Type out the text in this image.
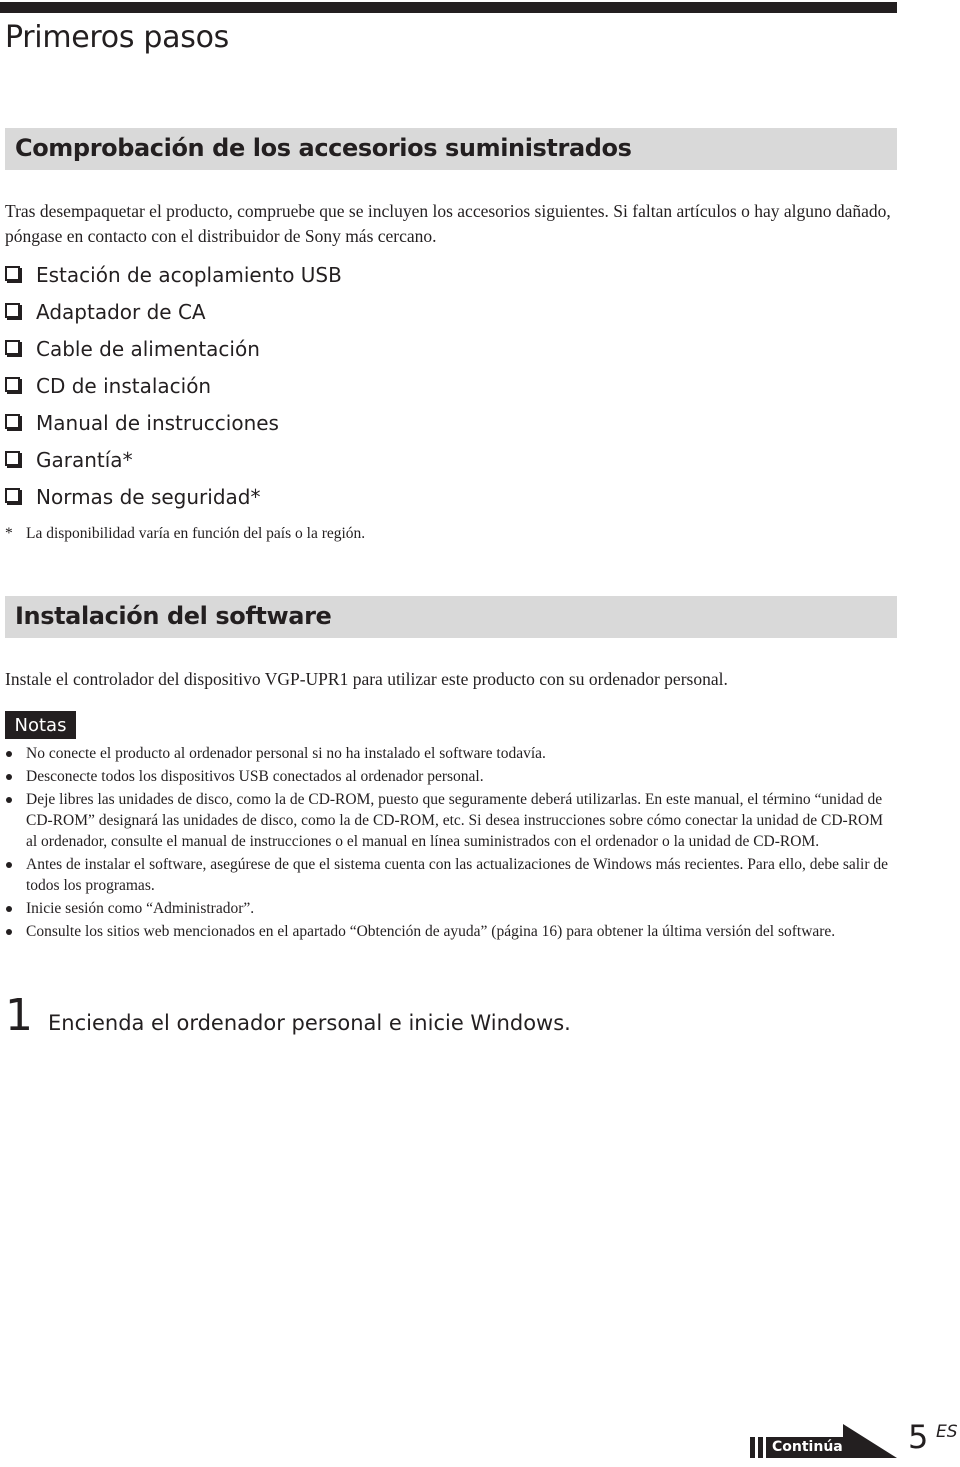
Primeros pasos
Comprobación de los accesorios suministrados

Tras desempaquetar el producto, compruebe que se incluyen los accesorios siguientes. Si faltan artículos o hay alguno dañado, póngase en contacto con el distribuidor de Sony más cercano.

Estación de acoplamiento USB
Adaptador de CA
Cable de alimentación
CD de instalación
Manual de instrucciones
Garantía*
Normas de seguridad*
* La disponibilidad varía en función del país o la región.
Instalación del software

Instale el controlador del dispositivo VGP-UPR1 para utilizar este producto con su ordenador personal.

Notas
No conecte el producto al ordenador personal si no ha instalado el software todavía.
Desconecte todos los dispositivos USB conectados al ordenador personal.
Deje libres las unidades de disco, como la de CD-ROM, puesto que seguramente deberá utilizarlas. En este manual, el término “unidad de CD-ROM” designará las unidades de disco, como la de CD-ROM, etc. Si desea instrucciones sobre cómo conectar la unidad de CD-ROM al ordenador, consulte el manual de instrucciones o el manual en línea suministrados con el ordenador o la unidad de CD-ROM.
Antes de instalar el software, asegúrese de que el sistema cuenta con las actualizaciones de Windows más recientes. Para ello, debe salir de todos los programas.
Inicie sesión como “Administrador”.
Consulte los sitios web mencionados en el apartado “Obtención de ayuda” (página 16) para obtener la última versión del software.
1 Encienda el ordenador personal e inicie Windows.
Continúa 5 ES
